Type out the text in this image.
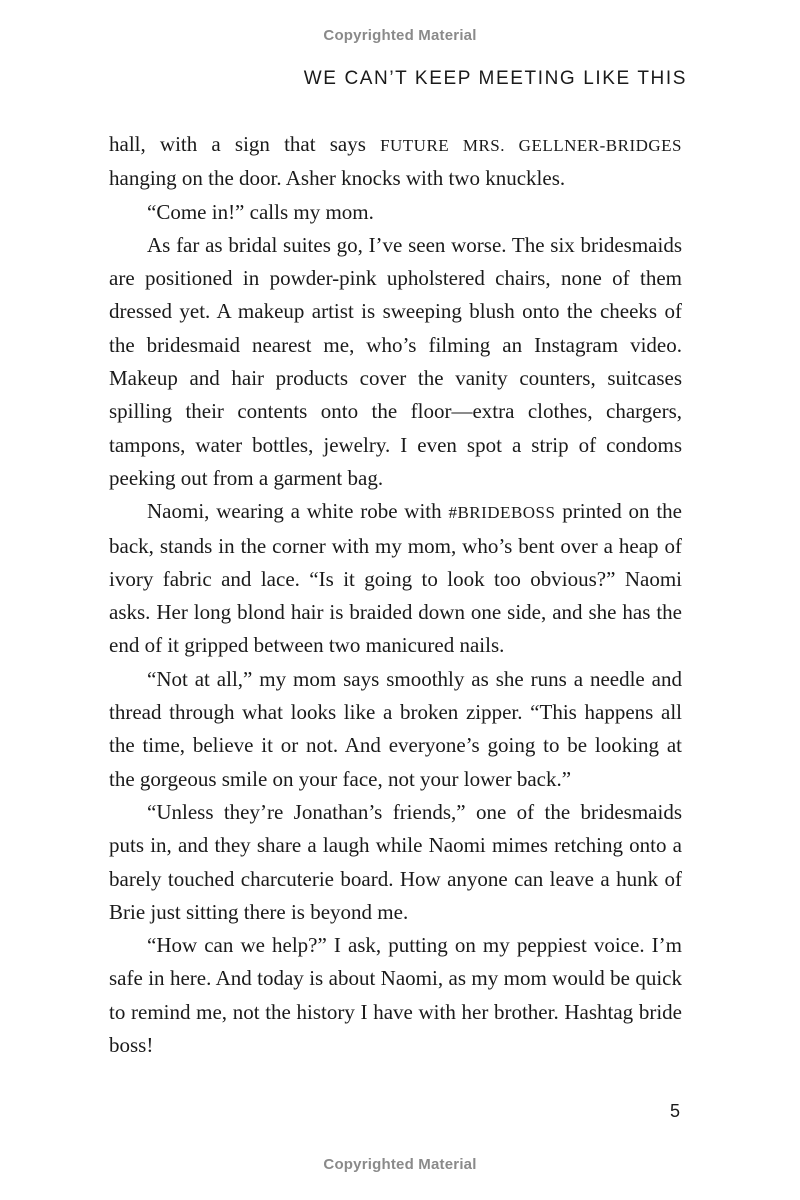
Copyrighted Material
WE CAN’T KEEP MEETING LIKE THIS

hall, with a sign that says FUTURE MRS. GELLNER-BRIDGES hanging on the door. Asher knocks with two knuckles.

“Come in!” calls my mom.

As far as bridal suites go, I’ve seen worse. The six bridesmaids are positioned in powder-pink upholstered chairs, none of them dressed yet. A makeup artist is sweeping blush onto the cheeks of the bridesmaid nearest me, who’s filming an Instagram video. Makeup and hair products cover the vanity counters, suitcases spilling their contents onto the floor—extra clothes, chargers, tampons, water bottles, jewelry. I even spot a strip of condoms peeking out from a garment bag.

Naomi, wearing a white robe with #BRIDEBOSS printed on the back, stands in the corner with my mom, who’s bent over a heap of ivory fabric and lace. “Is it going to look too obvious?” Naomi asks. Her long blond hair is braided down one side, and she has the end of it gripped between two manicured nails.

“Not at all,” my mom says smoothly as she runs a needle and thread through what looks like a broken zipper. “This happens all the time, believe it or not. And everyone’s going to be looking at the gorgeous smile on your face, not your lower back.”

“Unless they’re Jonathan’s friends,” one of the bridesmaids puts in, and they share a laugh while Naomi mimes retching onto a barely touched charcuterie board. How anyone can leave a hunk of Brie just sitting there is beyond me.

“How can we help?” I ask, putting on my peppiest voice. I’m safe in here. And today is about Naomi, as my mom would be quick to remind me, not the history I have with her brother. Hashtag bride boss!

5
Copyrighted Material
